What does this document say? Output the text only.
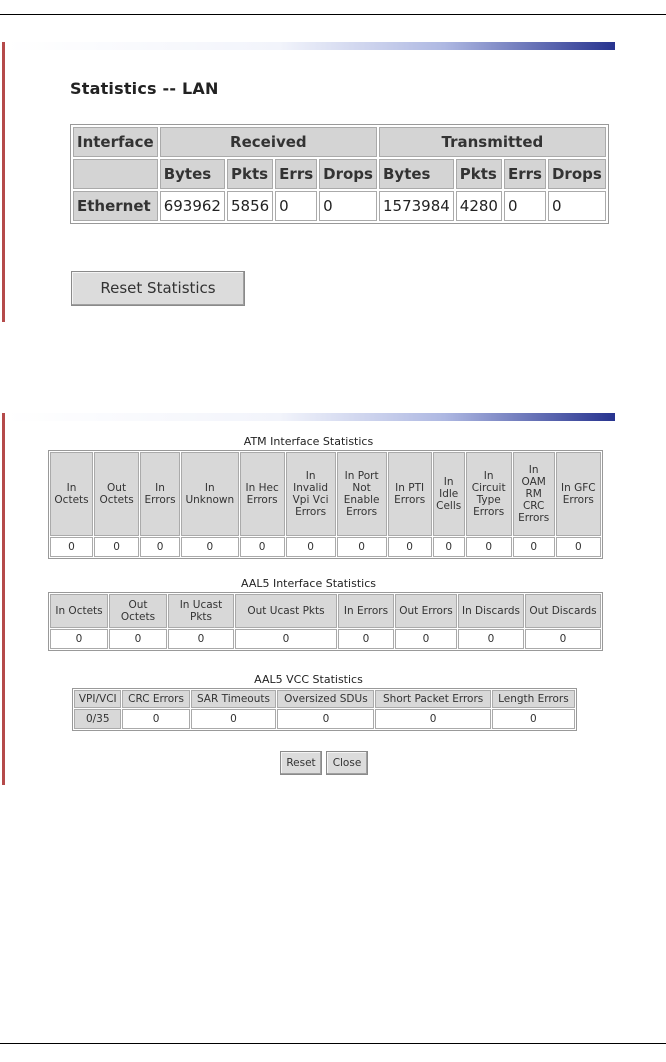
Statistics -- LAN
Interface	Received				Transmitted			
	Bytes	Pkts	Errs	Drops	Bytes	Pkts	Errs	Drops
Ethernet	693962	5856	0	0	1573984	4280	0	0
Reset Statistics
ATM Interface Statistics
In Octets	Out Octets	In Errors	In Unknown	In Hec Errors	In Invalid Vpi Vci Errors	In Port Not Enable Errors	In PTI Errors	In Idle Cells	In Circuit Type Errors	In OAM RM CRC Errors	In GFC Errors
0	0	0	0	0	0	0	0	0	0	0	0
AAL5 Interface Statistics
In Octets	Out Octets	In Ucast Pkts	Out Ucast Pkts	In Errors	Out Errors	In Discards	Out Discards
0	0	0	0	0	0	0	0
AAL5 VCC Statistics
VPI/VCI	CRC Errors	SAR Timeouts	Oversized SDUs	Short Packet Errors	Length Errors
0/35	0	0	0	0	0
Reset	Close
